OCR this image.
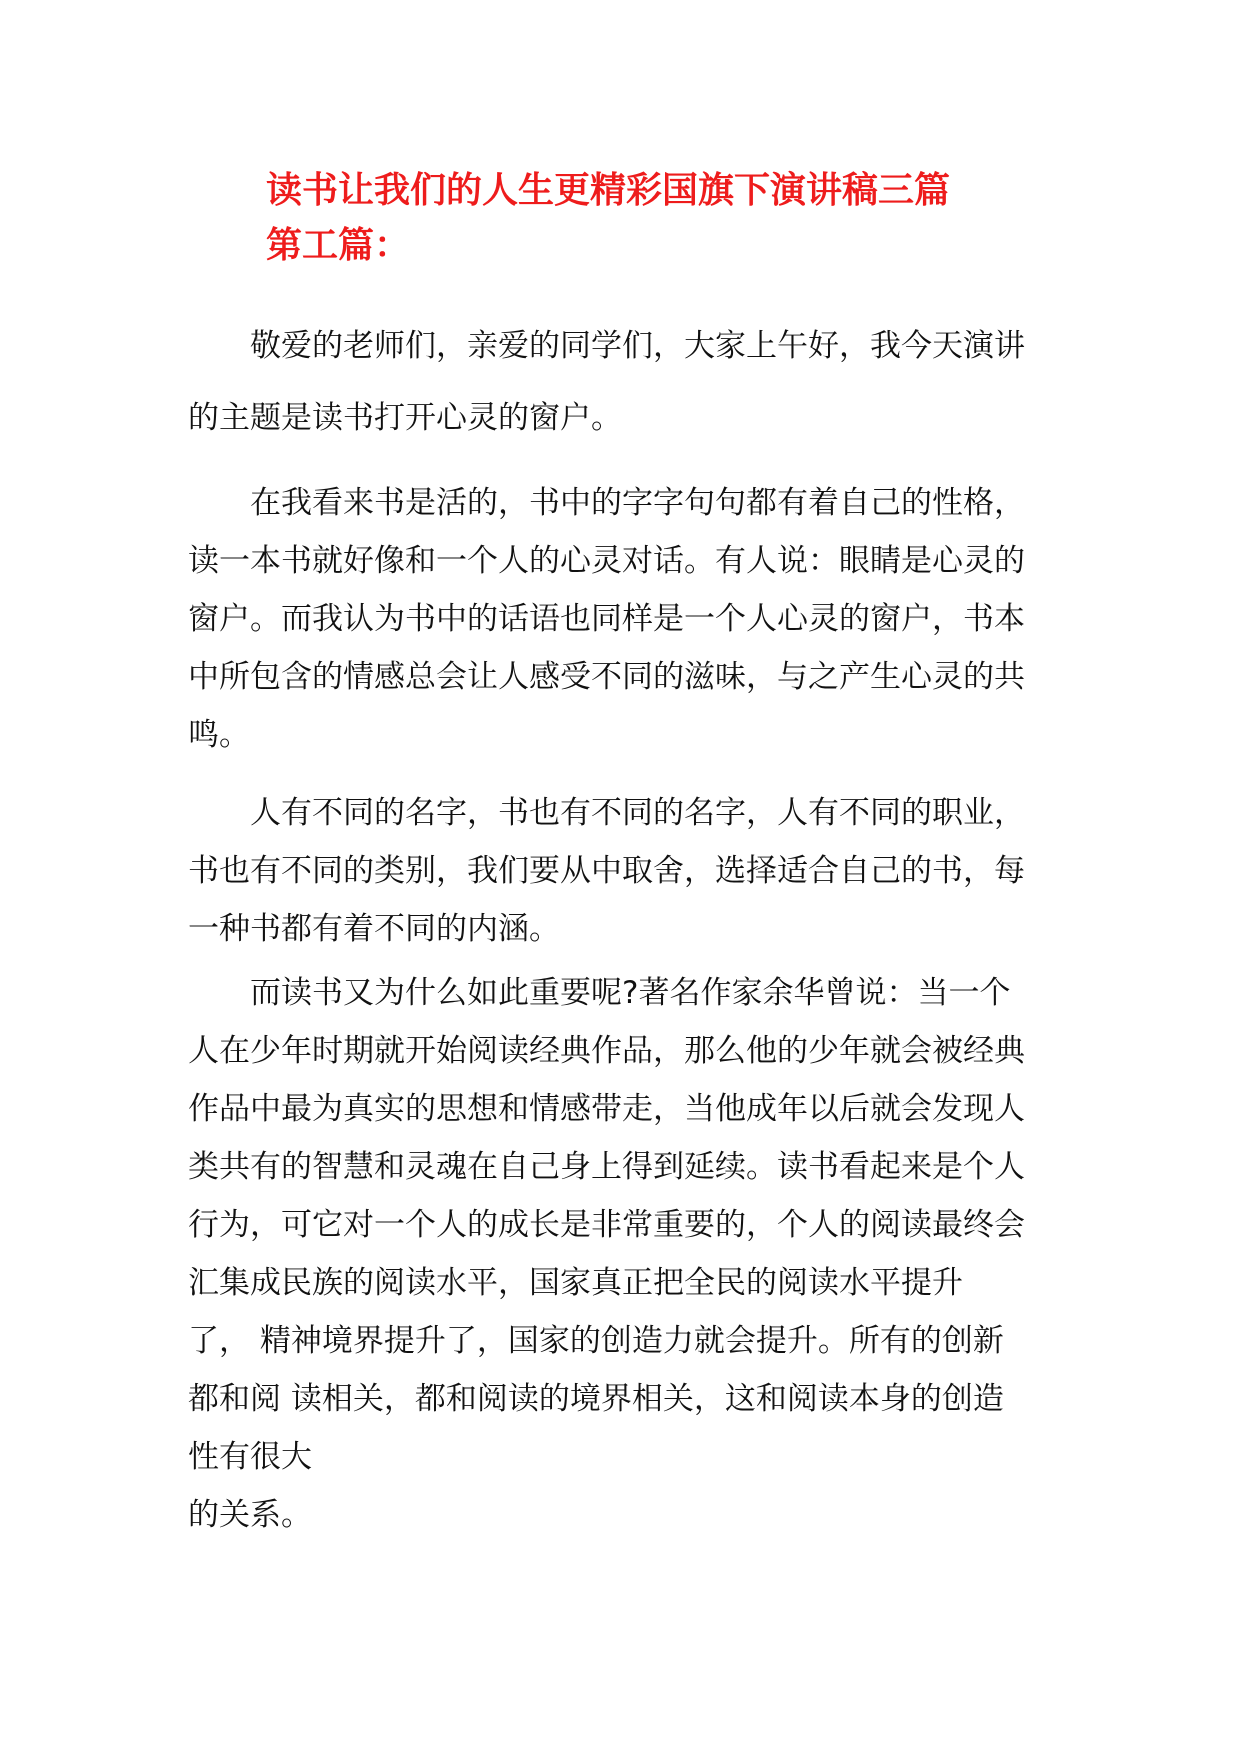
读书让我们的人生更精彩国旗下演讲稿三篇
第工篇：

敬爱的老师们，亲爱的同学们，大家上午好，我今天演讲
的主题是读书打开心灵的窗户。

在我看来书是活的，书中的字字句句都有着自己的性格，
读一本书就好像和一个人的心灵对话。有人说：眼睛是心灵的
窗户。而我认为书中的话语也同样是一个人心灵的窗户，书本
中所包含的情感总会让人感受不同的滋味，与之产生心灵的共
鸣。

人有不同的名字，书也有不同的名字，人有不同的职业，
书也有不同的类别，我们要从中取舍，选择适合自己的书，每
一种书都有着不同的内涵。

而读书又为什么如此重要呢?著名作家余华曾说：当一个
人在少年时期就开始阅读经典作品，那么他的少年就会被经典
作品中最为真实的思想和情感带走，当他成年以后就会发现人
类共有的智慧和灵魂在自己身上得到延续。读书看起来是个人
行为，可它对一个人的成长是非常重要的，个人的阅读最终会
汇集成民族的阅读水平，国家真正把全民的阅读水平提升
了， 精神境界提升了，国家的创造力就会提升。所有的创新
都和阅 读相关，都和阅读的境界相关，这和阅读本身的创造
性有很大
的关系。
